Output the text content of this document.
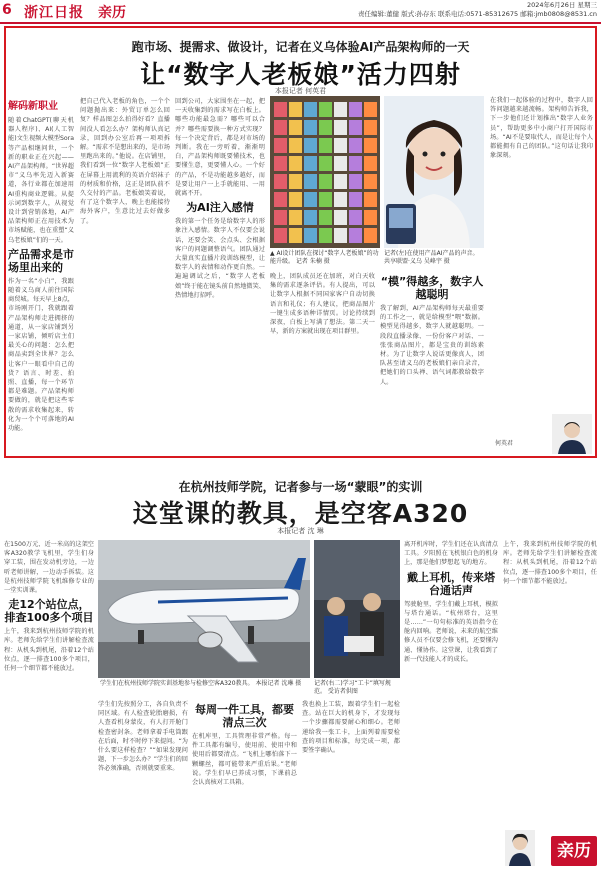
6 浙江日报 亲历	2024年6月26日 星期三
责任编辑:董健 版式:孙存东 联系电话:0571-85312675 邮箱:jmb0808@8531.cn
跑市场、提需求、做设计，记者在义乌体验AI产品架构师的一天
让“数字人老板娘”活力四射
本报记者 何英君
解码新职业
随着ChatGPT(聊天机器人程序)、AI(人工智能)文生视频大模型Sora等产品相继问世，一个新的职业正在兴起——AI产品架构师。“世界超市”义乌率先迈入新赛道，各行业都在加速用AI重构商业逻辑。从提示词到数字人，从视觉设计到营销落地，AI产品架构师正在用技术为市场赋能，也在重塑“义乌老板娘”们的一天。
产品需求是市场里出来的
作为一名“小白”，我跟随着义乌商人前往国际商贸城。每天早上8点，市场刚开门，我就跟着产品架构师走进拥挤的通道，从一家店铺到另一家店铺，倾听店主们最关心的问题：怎么把商品卖到全世界？怎么让客户一眼看中自己的货？语言、时差、拍照、直播，每一个环节都是难题。产品架构师要做的，就是把这些零散的需求收集起来，转化为一个个可落地的AI功能。
把自己代入老板的角色，一个个问题抛出来：外贸订单怎么回复？样品图怎么拍得好看？直播间没人看怎么办？架构师认真记录，回到办公室后再一项项拆解。“需求不是想出来的，是市场里跑出来的。”他说。在店铺里，我们看到一位“数字人老板娘”正在屏幕上用流利的英语介绍袜子的材质和价格，这正是团队前不久交付的产品。老板娘笑着说，有了这个数字人，晚上也能接待海外客户，生意比过去好做多了。
回到公司，大家围坐在一起，把一天收集到的需求写在白板上。哪些功能最急需？哪些可以合并？哪些需要换一种方式实现？每一个决定背后，都是对市场的判断。我在一旁听着，渐渐明白，产品架构师既要懂技术，也要懂生意，更要懂人心。一个好的产品，不是功能越多越好，而是要让用户一上手就能用、一用就离不开。
为AI注入感情
我的第一个任务是给数字人的形象注入感情。数字人不仅要会说话，还要会笑、会点头、会根据客户的问题调整语气。团队通过大量真实直播片段训练模型，让数字人的表情和动作更自然。一遍遍调试之后，“数字人老板娘”终于能在镜头前自然地微笑、热情地打招呼。
▲ AI设计团队在探讨“数字人老板娘”的功能升级。 记者 朱楠 摄
记者(左)在使用产品AI产品的声音。 共享联盟·义乌 吴峰宇 摄
晚上，团队成员还在加班，对白天收集的需求逐条评估。有人提出，可以让数字人根据不同国家客户自动切换语言和礼仪；有人建议，把商品图片一键生成多语种详情页。讨论持续到深夜，白板上写满了想法。第二天一早，新的方案就出现在项目群里。
“模”得越多，数字人越聪明
我了解到，AI产品架构师每天最重要的工作之一，就是给模型“喂”数据。模型见得越多，数字人就越聪明。一段段直播录像、一份份客户对话、一张张商品图片，都是宝贵的训练素材。为了让数字人说话更像真人，团队甚至请义乌的老板娘们亲自录音，把她们的口头禅、语气词都教给数字人。
在我们一起体验的过程中，数字人回答问题越来越流畅。架构师告诉我，下一步他们还计划推出“数字人业务员”，帮助更多中小商户打开国际市场。“AI不是要取代人，而是让每个人都能拥有自己的团队。”这句话让我印象深刻。
何英君
在杭州技师学院，记者参与一场“蒙眼”的实训
这堂课的教具，是空客A320
本报记者 沈 琳
在1500万元、近一米高的这架空客A320教学飞机里，学生们身穿工装，围在发动机旁边，一边听老师讲解，一边动手拆装。这是杭州技师学院飞机维修专业的一堂实训课。
走12个站位点，排查100多个项目
上午，我来到杭州技师学院的机库。老师先给学生们讲解检查流程：从机头到机尾，沿着12个站位点，逐一排查100多个项目，任何一个细节都不能放过。
学生们在杭州技师学院实训基地参与检修空客A320教具。 本报记者 沈琳 摄	记者(右二)学习“工卡”填写规范。 受访者供图
学生们先按照分工，各自负责不同区域。有人检查轮胎磨损，有人查看机身蒙皮，有人打开舱门检查密封条。老师拿着手电筒跟在后面，时不时停下来提问。“为什么要这样检查？”“如果发现问题，下一步怎么办？”学生们的回答必须准确，否则就要重来。
每周一件工具，都要清点三次
在机库里，工具管理非常严格。每一件工具都有编号，使用前、使用中和使用后都要清点。“飞机上哪怕落下一颗螺丝，都可能带来严重后果。”老师说。学生们早已养成习惯，下课前总会认真核对工具箱。
我也换上工装，跟着学生们一起检查。站在巨大的机身下，才发现每一个步骤都需要耐心和细心。老师递给我一张工卡，上面列着需要检查的项目和标准，每完成一项，都要签字确认。
离开机库时，学生们还在认真清点工具。夕阳照在飞机银白色的机身上，那是他们梦想起飞的地方。
戴上耳机，传来塔台通话声
驾驶舱里，学生们戴上耳机，模拟与塔台通话。“杭州塔台，这里是……”一句句标准的英语指令在舱内回响。老师说，未来的航空维修人员不仅要会修飞机，还要懂沟通、懂协作。这堂课，让我看到了新一代技能人才的成长。
上午，我来到杭州技师学院的机库。老师先给学生们讲解检查流程：从机头到机尾，沿着12个站位点，逐一排查100多个项目，任何一个细节都不能放过。
亲历
